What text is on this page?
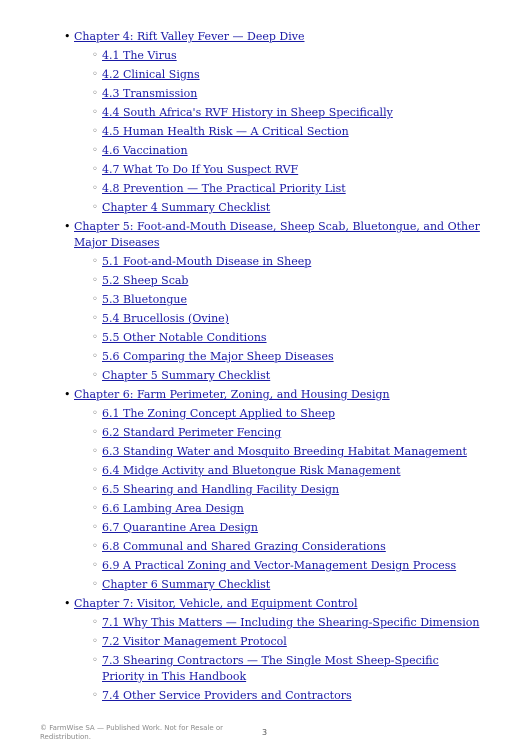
• Chapter 4: Rift Valley Fever — Deep Dive
◦ 4.1 The Virus
◦ 4.2 Clinical Signs
◦ 4.3 Transmission
◦ 4.4 South Africa's RVF History in Sheep Specifically
◦ 4.5 Human Health Risk — A Critical Section
◦ 4.6 Vaccination
◦ 4.7 What To Do If You Suspect RVF
◦ 4.8 Prevention — The Practical Priority List
◦ Chapter 4 Summary Checklist
• Chapter 5: Foot-and-Mouth Disease, Sheep Scab, Bluetongue, and Other Major Diseases
◦ 5.1 Foot-and-Mouth Disease in Sheep
◦ 5.2 Sheep Scab
◦ 5.3 Bluetongue
◦ 5.4 Brucellosis (Ovine)
◦ 5.5 Other Notable Conditions
◦ 5.6 Comparing the Major Sheep Diseases
◦ Chapter 5 Summary Checklist
• Chapter 6: Farm Perimeter, Zoning, and Housing Design
◦ 6.1 The Zoning Concept Applied to Sheep
◦ 6.2 Standard Perimeter Fencing
◦ 6.3 Standing Water and Mosquito Breeding Habitat Management
◦ 6.4 Midge Activity and Bluetongue Risk Management
◦ 6.5 Shearing and Handling Facility Design
◦ 6.6 Lambing Area Design
◦ 6.7 Quarantine Area Design
◦ 6.8 Communal and Shared Grazing Considerations
◦ 6.9 A Practical Zoning and Vector-Management Design Process
◦ Chapter 6 Summary Checklist
• Chapter 7: Visitor, Vehicle, and Equipment Control
◦ 7.1 Why This Matters — Including the Shearing-Specific Dimension
◦ 7.2 Visitor Management Protocol
◦ 7.3 Shearing Contractors — The Single Most Sheep-Specific Priority in This Handbook
◦ 7.4 Other Service Providers and Contractors
© FarmWise SA — Published Work. Not for Resale or Redistribution.	3
